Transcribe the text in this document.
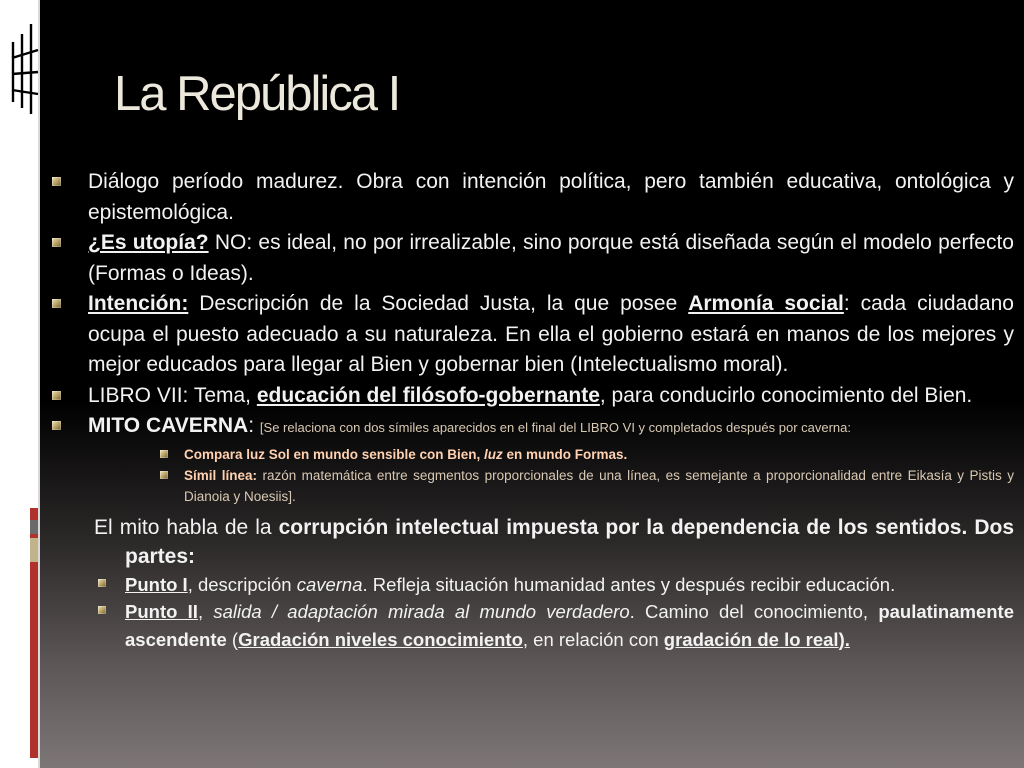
La República I

Diálogo período madurez. Obra con intención política, pero también educativa, ontológica y epistemológica.

¿Es utopía? NO: es ideal, no por irrealizable, sino porque está diseñada según el modelo perfecto (Formas o Ideas).

Intención: Descripción de la Sociedad Justa, la que posee Armonía social: cada ciudadano ocupa el puesto adecuado a su naturaleza. En ella el gobierno estará en manos de los mejores y mejor educados para llegar al Bien y gobernar bien (Intelectualismo moral).

LIBRO VII: Tema, educación del filósofo-gobernante, para conducirlo conocimiento del Bien.

MITO CAVERNA: [Se relaciona con dos símiles aparecidos en el final del LIBRO VI y completados después por caverna:

Compara luz Sol en mundo sensible con Bien, luz en mundo Formas.
Símil línea: razón matemática entre segmentos proporcionales de una línea, es semejante a proporcionalidad entre Eikasía y Pistis y Dianoia y Noesiis].

El mito habla de la corrupción intelectual impuesta por la dependencia de los sentidos. Dos partes:

Punto I, descripción caverna. Refleja situación humanidad antes y después recibir educación.
Punto II, salida / adaptación mirada al mundo verdadero. Camino del conocimiento, paulatinamente ascendente (Gradación niveles conocimiento, en relación con gradación de lo real).
